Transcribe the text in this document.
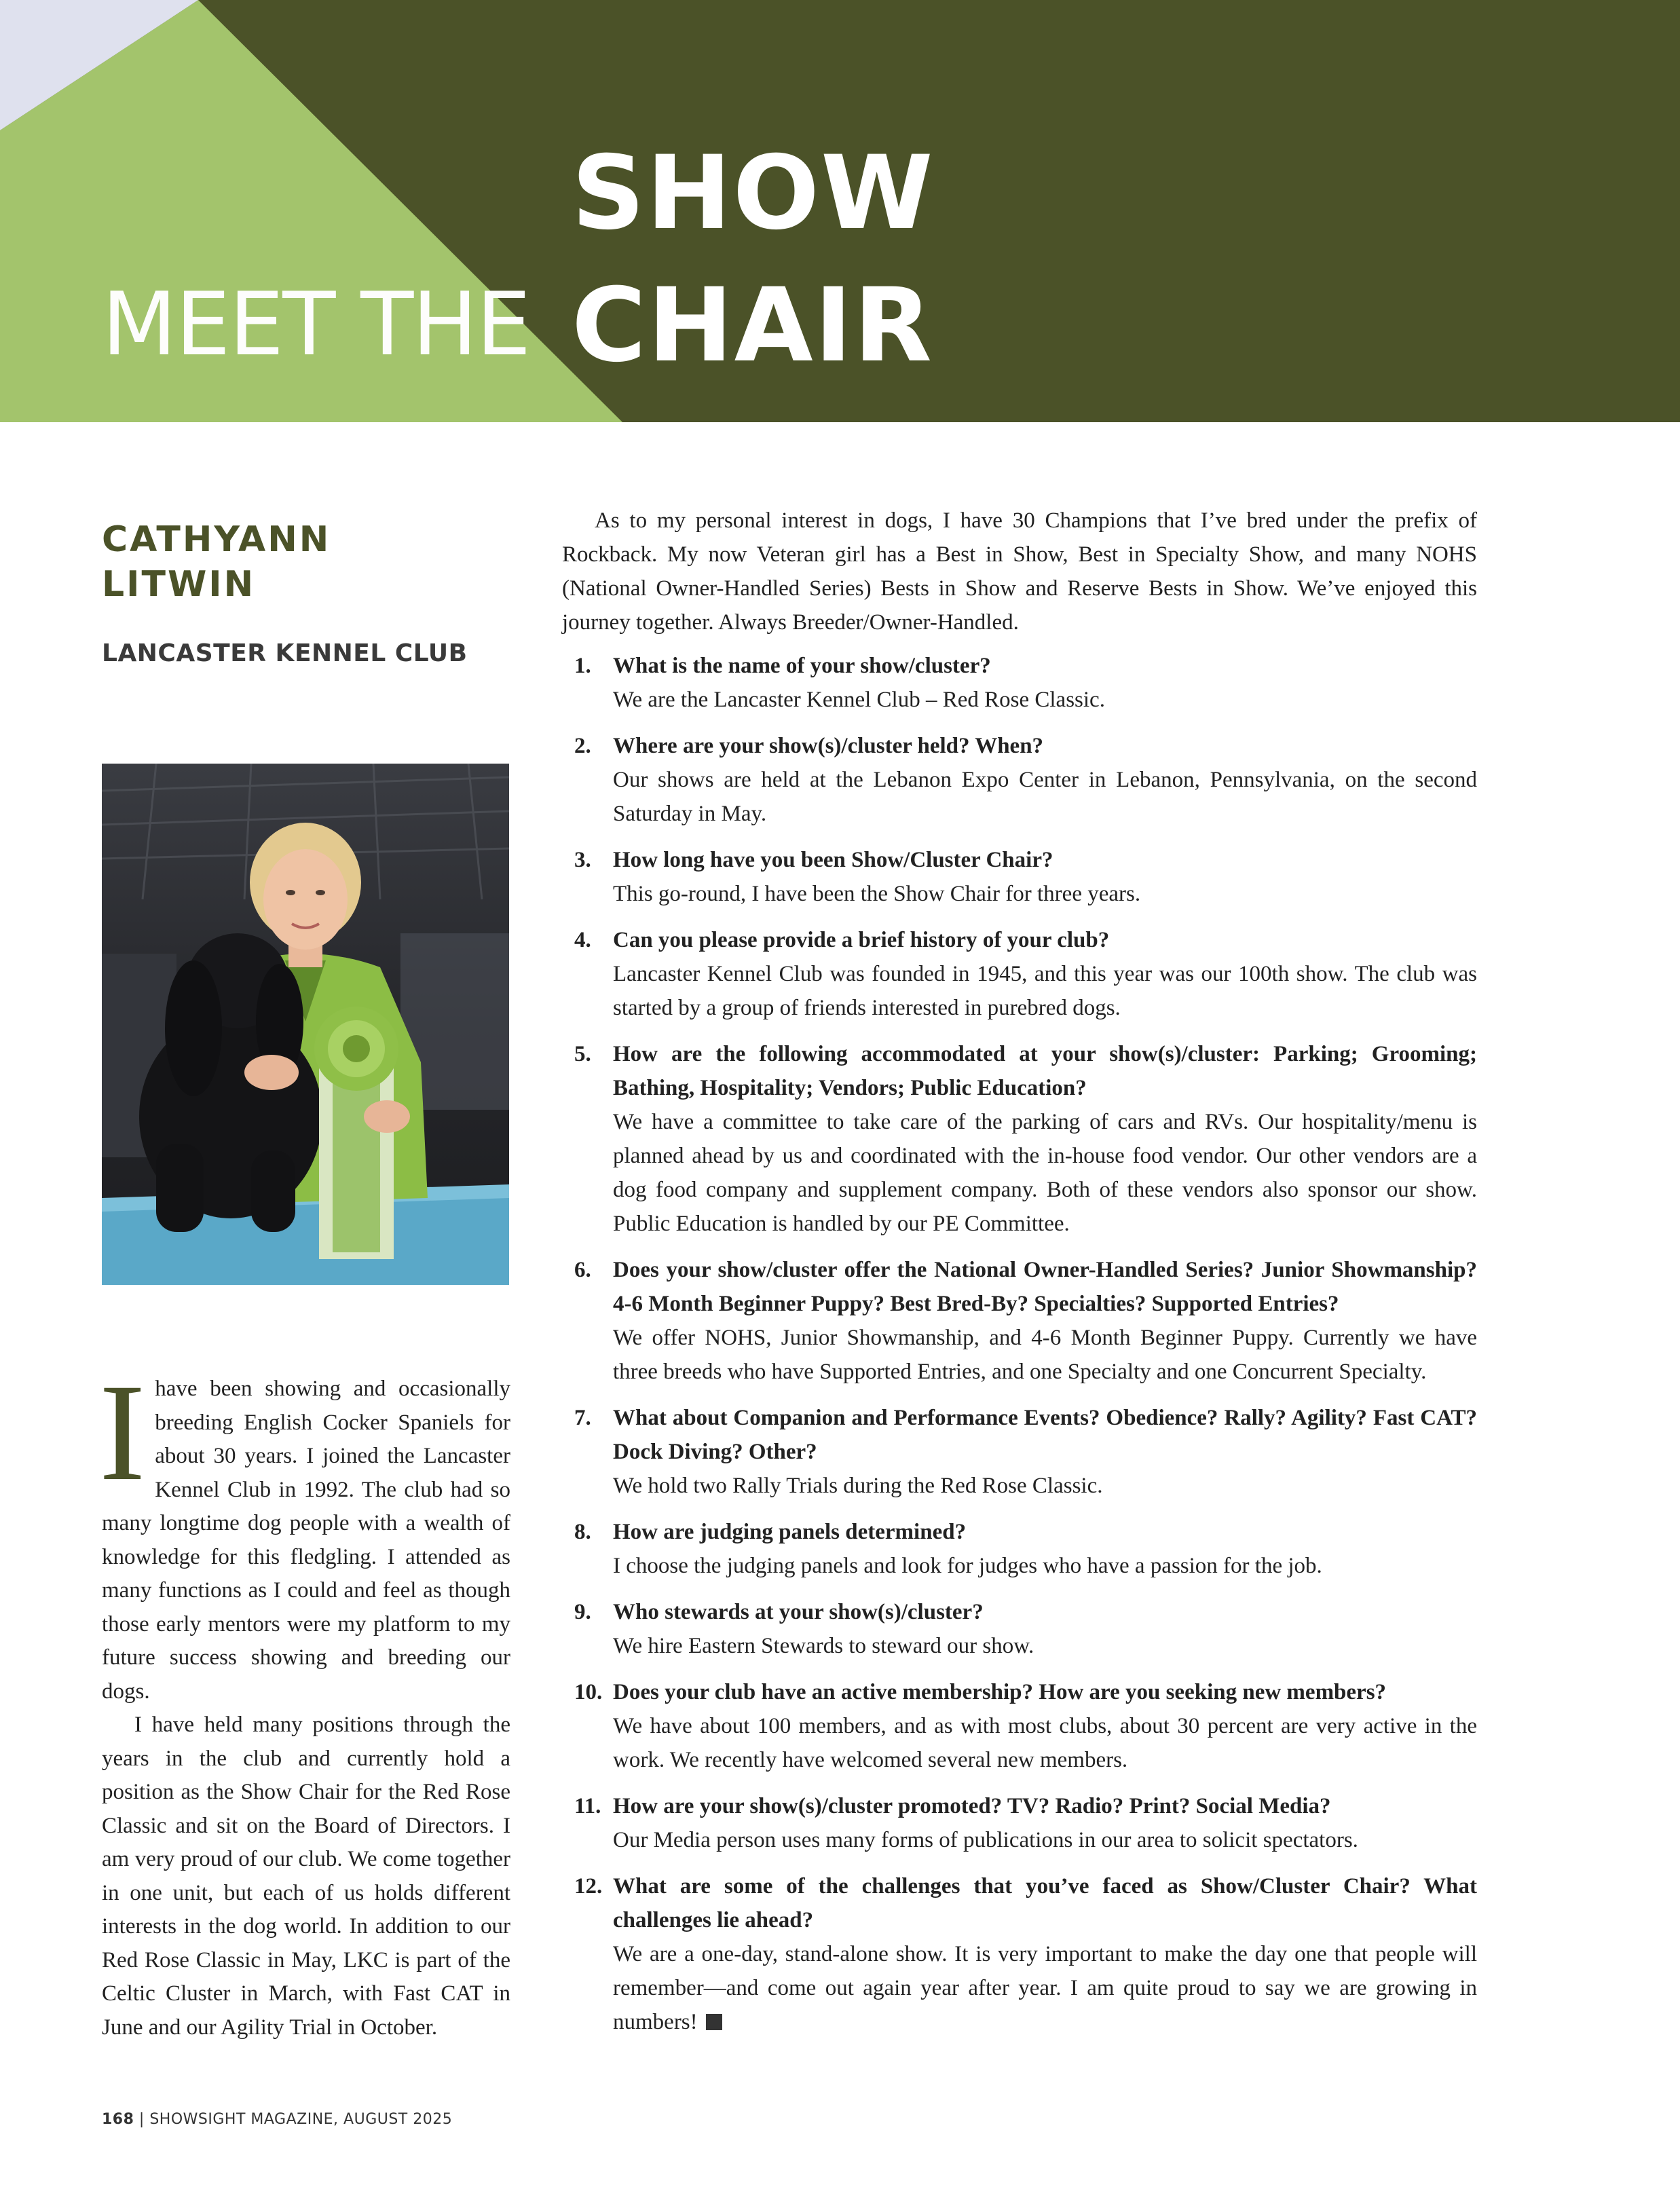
MEET THE
SHOW
CHAIR
CATHYANN
LITWIN
LANCASTER KENNEL CLUB

Ihave been showing and occasionally breeding English Cocker Spaniels for about 30 years. I joined the Lancaster Kennel Club in 1992. The club had so many longtime dog people with a wealth of knowledge for this fledgling. I attended as many functions as I could and feel as though those early mentors were my platform to my future success showing and breeding our dogs.

I have held many positions through the years in the club and currently hold a position as the Show Chair for the Red Rose Classic and sit on the Board of Directors. I am very proud of our club. We come together in one unit, but each of us holds different interests in the dog world. In addition to our Red Rose Classic in May, LKC is part of the Celtic Cluster in March, with Fast CAT in June and our Agility Trial in October.

As to my personal interest in dogs, I have 30 Champions that I’ve bred under the prefix of Rockback. My now Veteran girl has a Best in Show, Best in Specialty Show, and many NOHS (National Owner-Handled Series) Bests in Show and Reserve Bests in Show. We’ve enjoyed this journey together. Always Breeder/Owner-Handled.

1. What is the name of your show/cluster?
We are the Lancaster Kennel Club – Red Rose Classic.
2. Where are your show(s)/cluster held? When?
Our shows are held at the Lebanon Expo Center in Lebanon, Pennsylvania, on the second Saturday in May.
3. How long have you been Show/Cluster Chair?
This go-round, I have been the Show Chair for three years.
4. Can you please provide a brief history of your club?
Lancaster Kennel Club was founded in 1945, and this year was our 100th show. The club was started by a group of friends interested in purebred dogs.
5. How are the following accommodated at your show(s)/cluster: Parking; Grooming; Bathing, Hospitality; Vendors; Public Education?
We have a committee to take care of the parking of cars and RVs. Our hospitality/menu is planned ahead by us and coordinated with the in-house food vendor. Our other vendors are a dog food company and supplement company. Both of these vendors also sponsor our show. Public Education is handled by our PE Committee.
6. Does your show/cluster offer the National Owner-Handled Series? Junior Showmanship? 4-6 Month Beginner Puppy? Best Bred-By? Specialties? Supported Entries?
We offer NOHS, Junior Showmanship, and 4-6 Month Beginner Puppy. Currently we have three breeds who have Supported Entries, and one Specialty and one Concurrent Specialty.
7. What about Companion and Performance Events? Obedience? Rally? Agility? Fast CAT? Dock Diving? Other?
We hold two Rally Trials during the Red Rose Classic.
8. How are judging panels determined?
I choose the judging panels and look for judges who have a passion for the job.
9. Who stewards at your show(s)/cluster?
We hire Eastern Stewards to steward our show.
10. Does your club have an active membership? How are you seeking new members?
We have about 100 members, and as with most clubs, about 30 percent are very active in the work. We recently have welcomed several new members.
11. How are your show(s)/cluster promoted? TV? Radio? Print? Social Media?
Our Media person uses many forms of publications in our area to solicit spectators.
12. What are some of the challenges that you’ve faced as Show/Cluster Chair? What challenges lie ahead?
We are a one-day, stand-alone show. It is very important to make the day one that people will remember—and come out again year after year. I am quite proud to say we are growing in numbers!
168 | SHOWSIGHT MAGAZINE, AUGUST 2025
